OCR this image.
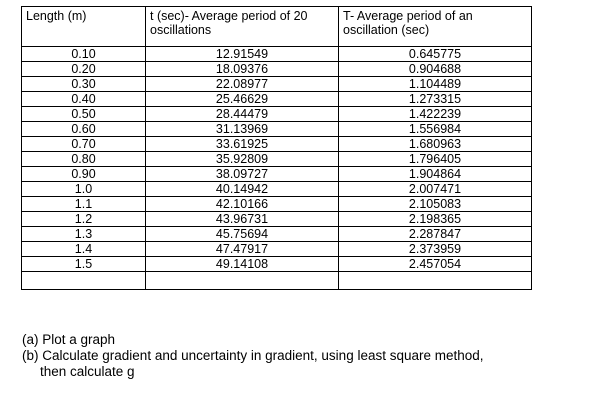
Length (m)	t (sec)- Average period of 20 oscillations	T- Average period of an oscillation (sec)
0.10	12.91549	0.645775
0.20	18.09376	0.904688
0.30	22.08977	1.104489
0.40	25.46629	1.273315
0.50	28.44479	1.422239
0.60	31.13969	1.556984
0.70	33.61925	1.680963
0.80	35.92809	1.796405
0.90	38.09727	1.904864
1.0	40.14942	2.007471
1.1	42.10166	2.105083
1.2	43.96731	2.198365
1.3	45.75694	2.287847
1.4	47.47917	2.373959
1.5	49.14108	2.457054

(a) Plot a graph

(b) Calculate gradient and uncertainty in gradient, using least square method,

then calculate g
